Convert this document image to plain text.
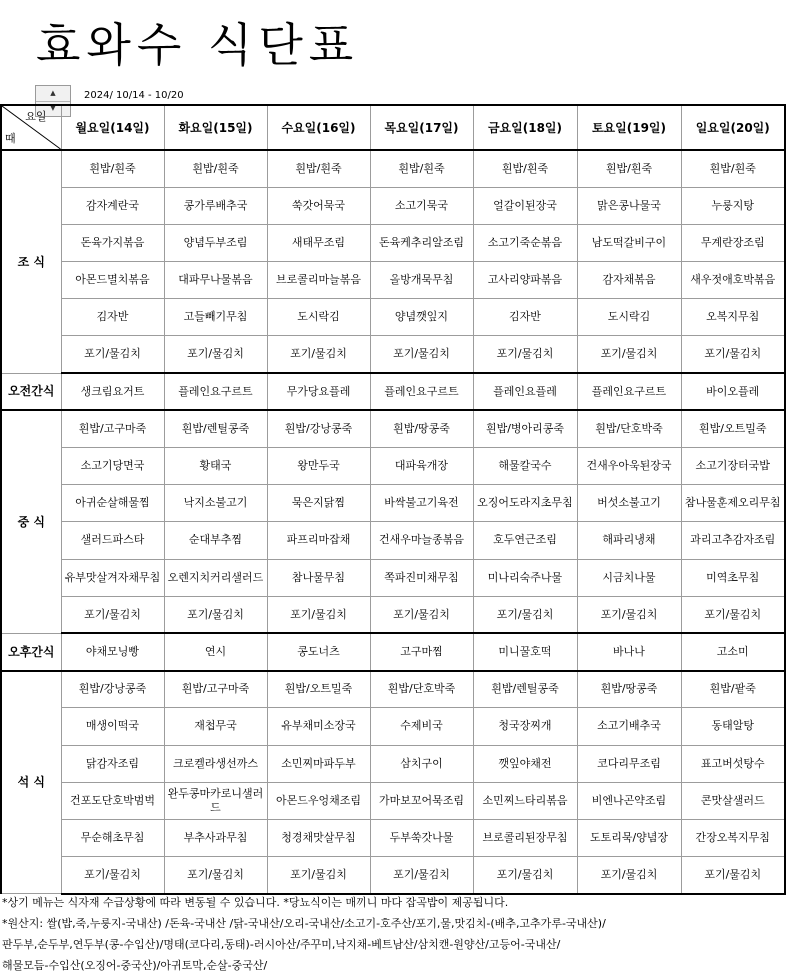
효와수 식단표
▲
▼
2024/ 10/14 - 10/20
요일
때	월요일(14일)	화요일(15일)	수요일(16일)	목요일(17일)	금요일(18일)	토요일(19일)	일요일(20일)
조 식	흰밥/흰죽	흰밥/흰죽	흰밥/흰죽	흰밥/흰죽	흰밥/흰죽	흰밥/흰죽	흰밥/흰죽
	감자계란국	콩가루배추국	쑥갓어묵국	소고기묵국	얼갈이된장국	맑은콩나물국	누룽지탕
	돈육가지볶음	양념두부조림	새태무조림	돈육케추리알조림	소고기죽순볶음	남도떡갈비구이	무계란장조림
	아몬드멸치볶음	대파무나물볶음	브로콜리마늘볶음	올방개묵무침	고사리양파볶음	감자채볶음	새우젓애호박볶음
	김자반	고들빼기무침	도시락김	양념깻잎지	김자반	도시락김	오복지무침
	포기/물김치	포기/물김치	포기/물김치	포기/물김치	포기/물김치	포기/물김치	포기/물김치
오전간식	생크림요거트	플레인요구르트	무가당요플레	플레인요구르트	플레인요플레	플레인요구르트	바이오플레
중 식	흰밥/고구마죽	흰밥/렌틸콩죽	흰밥/강낭콩죽	흰밥/땅콩죽	흰밥/병아리콩죽	흰밥/단호박죽	흰밥/오트밀죽
	소고기당면국	황태국	왕만두국	대파육개장	해물칼국수	건새우아욱된장국	소고기장터국밥
	아귀순살해물찜	낙지소불고기	묵은지닭찜	바싹불고기육전	오징어도라지초무침	버섯소불고기	참나물훈제오리무침
	샐러드파스타	순대부추찜	파프리마잡채	건새우마늘종볶음	호두연근조림	해파리냉채	과리고추감자조림
	유부맛살겨자채무침	오렌지치커리샐러드	참나물무침	쪽파진미채무침	미나리숙주나물	시금치나물	미역초무침
	포기/물김치	포기/물김치	포기/물김치	포기/물김치	포기/물김치	포기/물김치	포기/물김치
오후간식	야채모닝빵	연시	콩도너츠	고구마찜	미니꿀호떡	바나나	고소미
석 식	흰밥/강낭콩죽	흰밥/고구마죽	흰밥/오트밀죽	흰밥/단호박죽	흰밥/렌틸콩죽	흰밥/땅콩죽	흰밥/팥죽
	매생이떡국	재첩무국	유부채미소장국	수제비국	청국장찌개	소고기배추국	동태알탕
	닭감자조림	크로켈라생선까스	소민찌마파두부	삼치구이	깻잎야채전	코다리무조림	표고버섯탕수
	건포도단호박범벅	완두콩마카로니샐러드	아몬드우엉채조림	가마보꼬어묵조림	소민찌느타리볶음	비엔나곤약조림	콘맛살샐러드
	무순해초무침	부추사과무침	청경채맛살무침	두부쑥갓나물	브로콜리된장무침	도토리묵/양념장	간장오복지무침
	포기/물김치	포기/물김치	포기/물김치	포기/물김치	포기/물김치	포기/물김치	포기/물김치
*상기 메뉴는 식자재 수급상황에 따라 변동될 수 있습니다. *당뇨식이는 매끼니 마다 잡곡밥이 제공됩니다.
*원산지: 쌀(밥,죽,누룽지-국내산) /돈육-국내산 /닭-국내산/오리-국내산/소고기-호주산/포기,물,맛김치-(배추,고추가루-국내산)/
판두부,순두부,연두부(콩-수입산)/명태(코다리,동태)-러시아산/주꾸미,낙지채-베트남산/삼치캔-원양산/고등어-국내산/
해물모듬-수입산(오징어-중국산)/아귀토막,순살-중국산/
